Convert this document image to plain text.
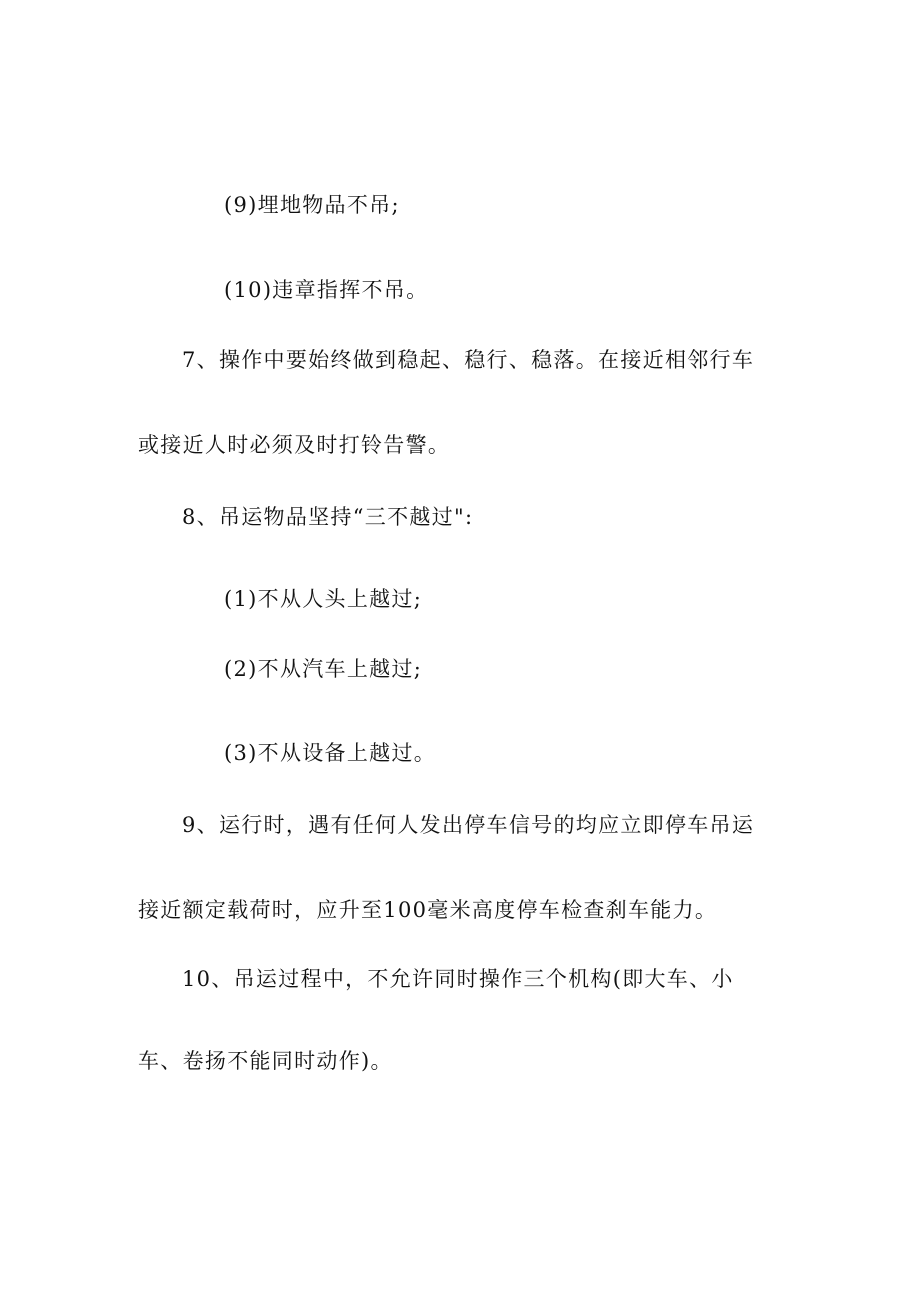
(9)埋地物品不吊;
(10)违章指挥不吊。
7、操作中要始终做到稳起、稳行、稳落。在接近相邻行车
或接近人时必须及时打铃告警。
8、吊运物品坚持“三不越过":
(1)不从人头上越过;
(2)不从汽车上越过;
(3)不从设备上越过。
9、运行时，遇有任何人发出停车信号的均应立即停车吊运
接近额定载荷时，应升至100毫米高度停车检查刹车能力。
10、吊运过程中，不允许同时操作三个机构(即大车、小
车、卷扬不能同时动作)。
